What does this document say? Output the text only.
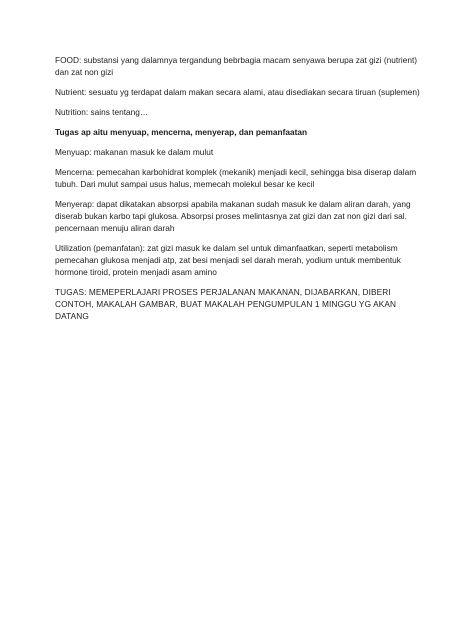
FOOD: substansi yang dalamnya tergandung bebrbagia macam senyawa berupa zat gizi (nutrient) dan zat non gizi

Nutrient: sesuatu yg terdapat dalam makan secara alami, atau disediakan secara tiruan (suplemen)

Nutrition: sains tentang…

Tugas ap aitu menyuap, mencerna, menyerap, dan pemanfaatan

Menyuap: makanan masuk ke dalam mulut

Mencerna: pemecahan karbohidrat komplek (mekanik) menjadi kecil, sehingga bisa diserap dalam tubuh. Dari mulut sampai usus halus, memecah molekul besar ke kecil

Menyerap: dapat dikatakan absorpsi apabila makanan sudah masuk ke dalam aliran darah, yang diserab bukan karbo tapi glukosa. Absorpsi proses melintasnya zat gizi dan zat non gizi dari sal. pencernaan menuju aliran darah

Utilization (pemanfatan): zat gizi masuk ke dalam sel untuk dimanfaatkan, seperti metabolism pemecahan glukosa menjadi atp, zat besi menjadi sel darah merah, yodium untuk membentuk hormone tiroid, protein menjadi asam amino

TUGAS: MEMEPERLAJARI PROSES PERJALANAN MAKANAN, DIJABARKAN, DIBERI CONTOH, MAKALAH GAMBAR, BUAT MAKALAH PENGUMPULAN 1 MINGGU YG AKAN DATANG
